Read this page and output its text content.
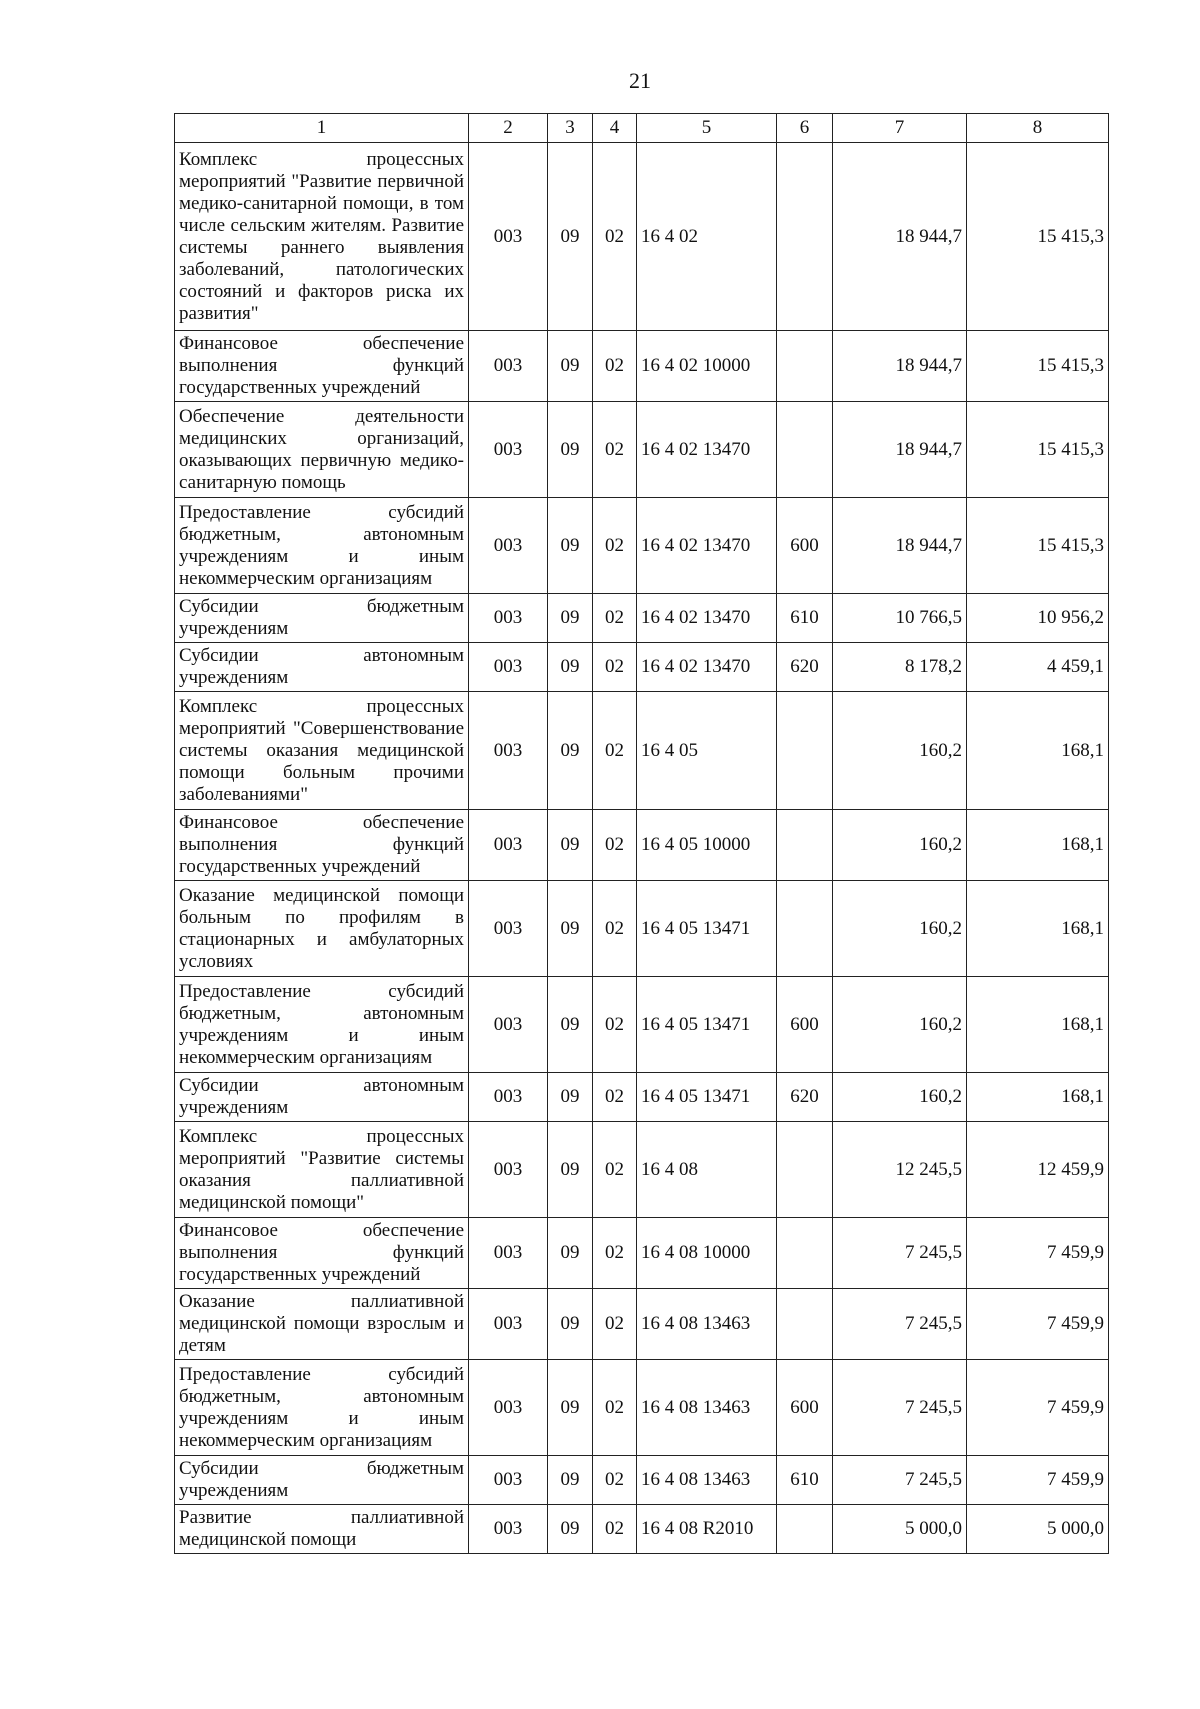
21
1	2	3	4	5	6	7	8
Комплекс процессных мероприятий "Развитие первичной медико-санитарной помощи, в том числе сельским жителям. Развитие системы раннего выявления заболеваний, патологических состояний и факторов риска их развития"	003	09	02	16 4 02		18 944,7	15 415,3
Финансовое обеспечение выполнения функций государственных учреждений	003	09	02	16 4 02 10000		18 944,7	15 415,3
Обеспечение деятельности медицинских организаций, оказывающих первичную медико-санитарную помощь	003	09	02	16 4 02 13470		18 944,7	15 415,3
Предоставление субсидий бюджетным, автономным учреждениям и иным некоммерческим организациям	003	09	02	16 4 02 13470	600	18 944,7	15 415,3
Субсидии бюджетным учреждениям	003	09	02	16 4 02 13470	610	10 766,5	10 956,2
Субсидии автономным учреждениям	003	09	02	16 4 02 13470	620	8 178,2	4 459,1
Комплекс процессных мероприятий "Совершенствование системы оказания медицинской помощи больным прочими заболеваниями"	003	09	02	16 4 05		160,2	168,1
Финансовое обеспечение выполнения функций государственных учреждений	003	09	02	16 4 05 10000		160,2	168,1
Оказание медицинской помощи больным по профилям в стационарных и амбулаторных условиях	003	09	02	16 4 05 13471		160,2	168,1
Предоставление субсидий бюджетным, автономным учреждениям и иным некоммерческим организациям	003	09	02	16 4 05 13471	600	160,2	168,1
Субсидии автономным учреждениям	003	09	02	16 4 05 13471	620	160,2	168,1
Комплекс процессных мероприятий "Развитие системы оказания паллиативной медицинской помощи"	003	09	02	16 4 08		12 245,5	12 459,9
Финансовое обеспечение выполнения функций государственных учреждений	003	09	02	16 4 08 10000		7 245,5	7 459,9
Оказание паллиативной медицинской помощи взрослым и детям	003	09	02	16 4 08 13463		7 245,5	7 459,9
Предоставление субсидий бюджетным, автономным учреждениям и иным некоммерческим организациям	003	09	02	16 4 08 13463	600	7 245,5	7 459,9
Субсидии бюджетным учреждениям	003	09	02	16 4 08 13463	610	7 245,5	7 459,9
Развитие паллиативной медицинской помощи	003	09	02	16 4 08 R2010		5 000,0	5 000,0
